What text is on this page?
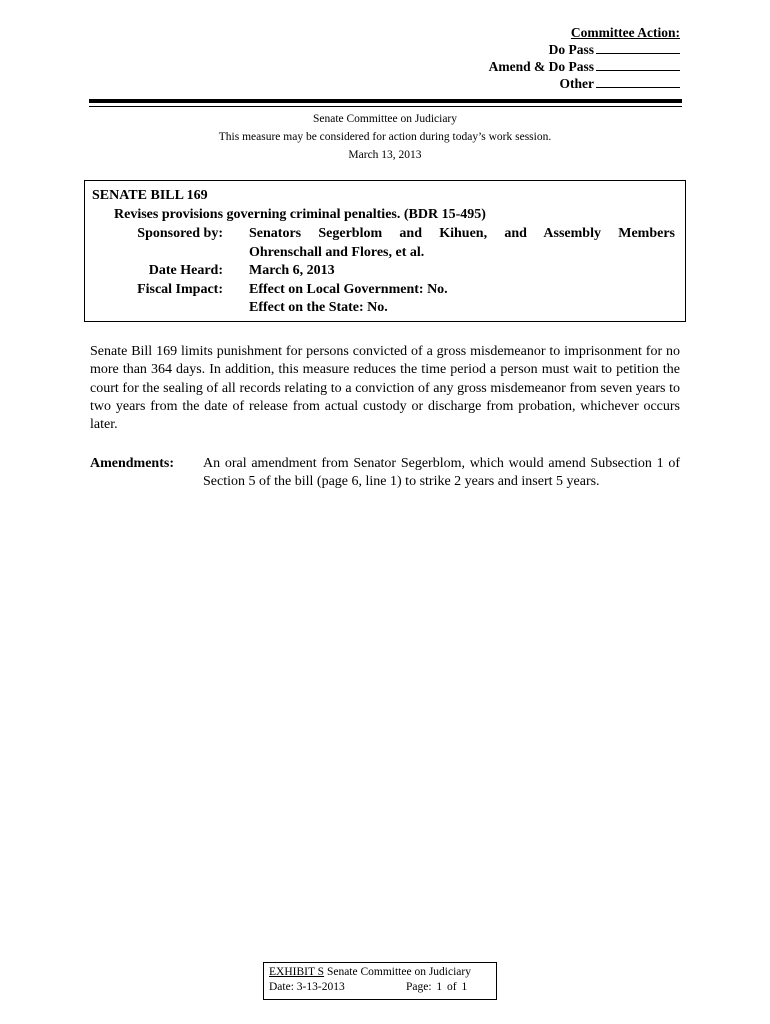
Committee Action:
Do Pass
Amend & Do Pass
Other
Senate Committee on Judiciary
This measure may be considered for action during today’s work session.
March 13, 2013
SENATE BILL 169
Revises provisions governing criminal penalties. (BDR 15-495)
Sponsored by: Senators Segerblom and Kihuen, and Assembly Members
Ohrenschall and Flores, et al.
Date Heard: March 6, 2013
Fiscal Impact: Effect on Local Government: No.
Effect on the State: No.
Senate Bill 169 limits punishment for persons convicted of a gross misdemeanor to imprisonment for no more than 364 days. In addition, this measure reduces the time period a person must wait to petition the court for the sealing of all records relating to a conviction of any gross misdemeanor from seven years to two years from the date of release from actual custody or discharge from probation, whichever occurs later.
Amendments: An oral amendment from Senator Segerblom, which would amend Subsection 1 of Section 5 of the bill (page 6, line 1) to strike 2 years and insert 5 years.
EXHIBIT S Senate Committee on Judiciary
Date: 3-13-2013	Page: 1 of 1
